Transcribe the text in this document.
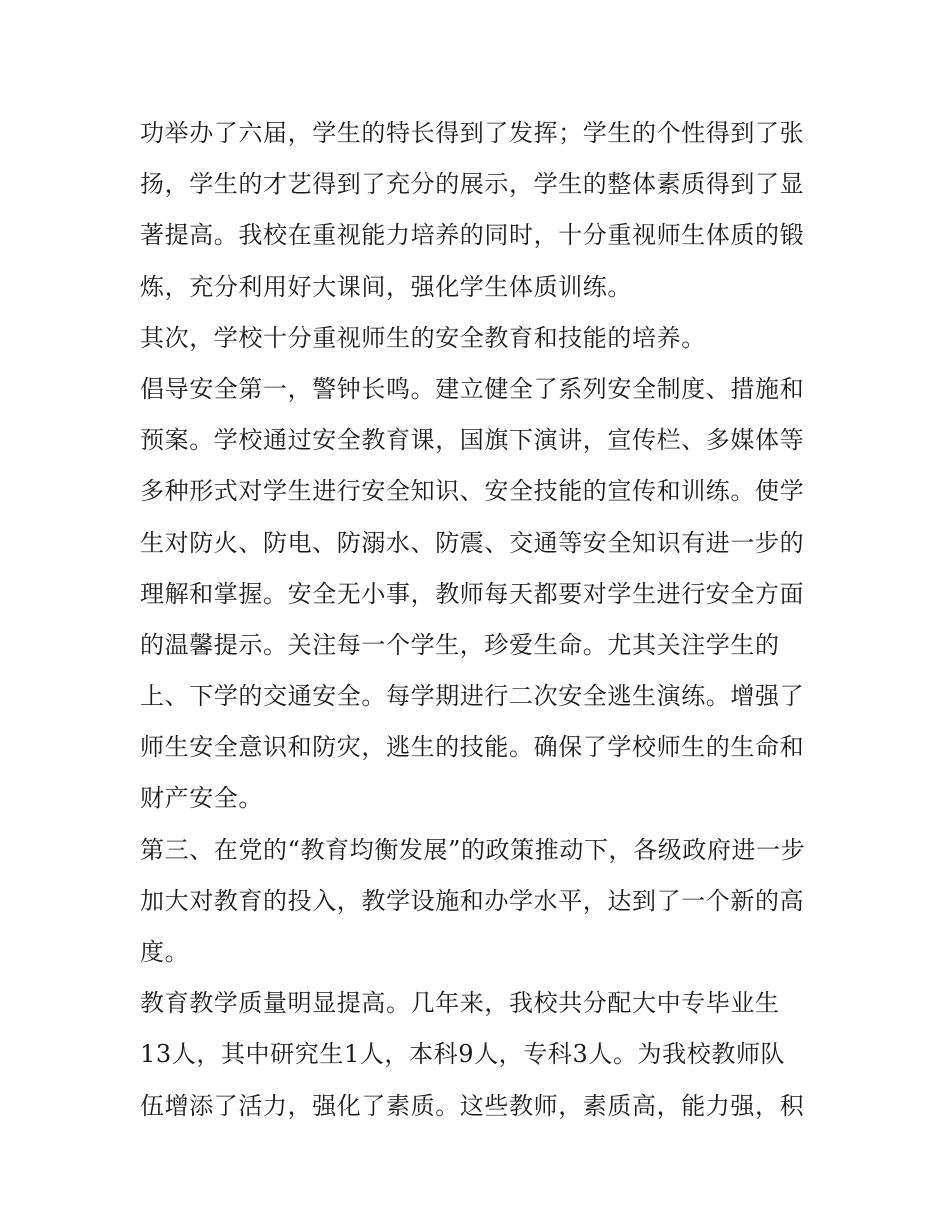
功举办了六届，学生的特长得到了发挥；学生的个性得到了张
扬，学生的才艺得到了充分的展示，学生的整体素质得到了显
著提高。我校在重视能力培养的同时，十分重视师生体质的锻
炼，充分利用好大课间，强化学生体质训练。
其次，学校十分重视师生的安全教育和技能的培养。
倡导安全第一，警钟长鸣。建立健全了系列安全制度、措施和
预案。学校通过安全教育课，国旗下演讲，宣传栏、多媒体等
多种形式对学生进行安全知识、安全技能的宣传和训练。使学
生对防火、防电、防溺水、防震、交通等安全知识有进一步的
理解和掌握。安全无小事，教师每天都要对学生进行安全方面
的温馨提示。关注每一个学生，珍爱生命。尤其关注学生的
上、下学的交通安全。每学期进行二次安全逃生演练。增强了
师生安全意识和防灾，逃生的技能。确保了学校师生的生命和
财产安全。
第三、在党的“教育均衡发展”的政策推动下，各级政府进一步
加大对教育的投入，教学设施和办学水平，达到了一个新的高
度。
教育教学质量明显提高。几年来，我校共分配大中专毕业生
13人，其中研究生1人，本科9人，专科3人。为我校教师队
伍增添了活力，强化了素质。这些教师，素质高，能力强，积
